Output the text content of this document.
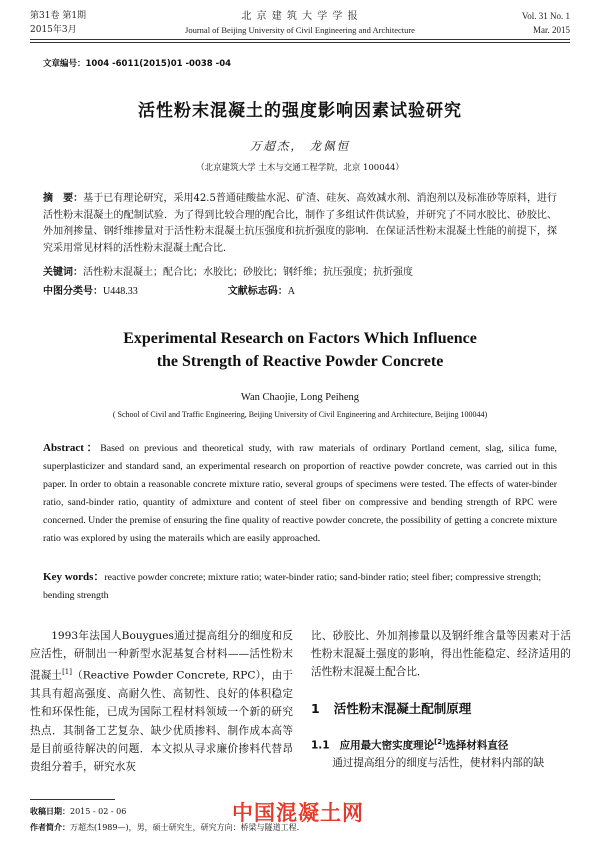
第31卷 第1期
2015年3月
北 京 建 筑 大 学 学 报
Journal of Beijing University of Civil Engineering and Architecture
Vol. 31 No. 1
Mar. 2015
文章编号：1004 -6011(2015)01 -0038 -04
活性粉末混凝土的强度影响因素试验研究
万超杰， 龙佩恒
（北京建筑大学 土木与交通工程学院，北京 100044）
摘　要：基于已有理论研究，采用42.5普通硅酸盐水泥、矿渣、硅灰、高效减水剂、消泡剂以及标准砂等原料，进行活性粉末混凝土的配制试验．为了得到比较合理的配合比，制作了多组试件供试验，并研究了不同水胶比、砂胶比、外加剂掺量、钢纤维掺量对于活性粉末混凝土抗压强度和抗折强度的影响．在保证活性粉末混凝土性能的前提下，探究采用常见材料的活性粉末混凝土配合比．
关键词：活性粉末混凝土；配合比；水胶比；砂胶比；钢纤维；抗压强度；抗折强度
中图分类号：U448.33	文献标志码：A
Experimental Research on Factors Which Influence
the Strength of Reactive Powder Concrete
Wan Chaojie, Long Peiheng
( School of Civil and Traffic Engineering, Beijing University of Civil Engineering and Architecture, Beijing 100044)
Abstract：Based on previous and theoretical study, with raw materials of ordinary Portland cement, slag, silica fume, superplasticizer and standard sand, an experimental research on proportion of reactive powder concrete, was carried out in this paper. In order to obtain a reasonable concrete mixture ratio, several groups of specimens were tested. The effects of water-binder ratio, sand-binder ratio, quantity of admixture and content of steel fiber on compressive and bending strength of RPC were concerned. Under the premise of ensuring the fine quality of reactive powder concrete, the possibility of getting a concrete mixture ratio was explored by using the materails which are easily approached.
Key words：reactive powder concrete; mixture ratio; water-binder ratio; sand-binder ratio; steel fiber; compressive strength; bending strength
1993年法国人Bouygues通过提高组分的细度和反应活性，研制出一种新型水泥基复合材料——活性粉末混凝土[1]（Reactive Powder Concrete, RPC），由于其具有超高强度、高耐久性、高韧性、良好的体积稳定性和环保性能，已成为国际工程材料领域一个新的研究热点．其制备工艺复杂、缺少优质掺料、制作成本高等是目前亟待解决的问题．本文拟从寻求廉价掺料代替昂贵组分着手，研究水灰
比、砂胶比、外加剂掺量以及钢纤维含量等因素对于活性粉末混凝土强度的影响，得出性能稳定、经济适用的活性粉末混凝土配合比．
1 活性粉末混凝土配制原理
1.1 应用最大密实度理论[2]选择材料直径
通过提高组分的细度与活性，使材料内部的缺
收稿日期：2015 - 02 - 06
作者简介：万超杰(1989—)，男，硕士研究生，研究方向：桥梁与隧道工程.
中国混凝土网
